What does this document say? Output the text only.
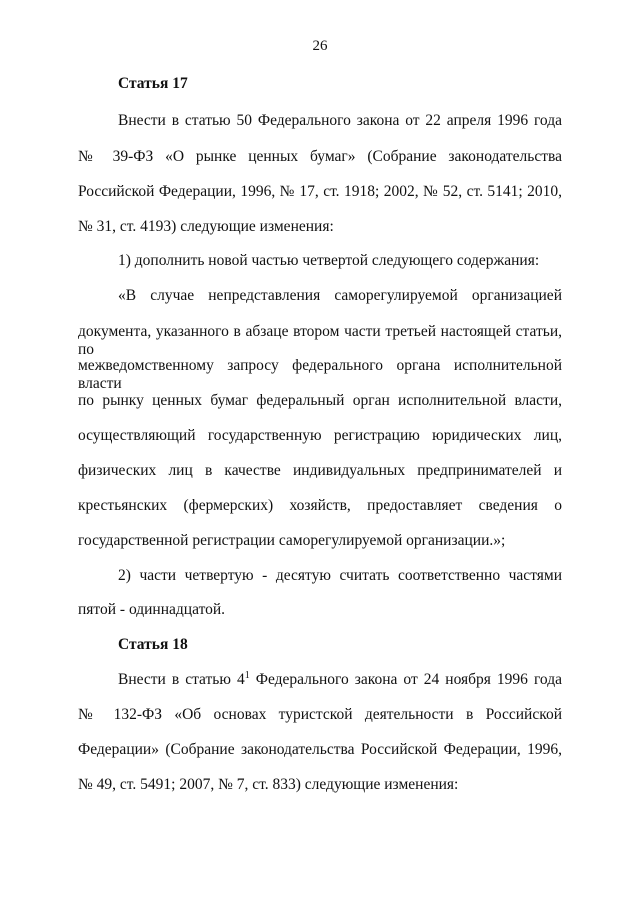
26
Статья 17
Внести в статью 50 Федерального закона от 22 апреля 1996 года
№ 39-ФЗ «О рынке ценных бумаг» (Собрание законодательства
Российской Федерации, 1996, № 17, ст. 1918; 2002, № 52, ст. 5141; 2010,
№ 31, ст. 4193) следующие изменения:
1) дополнить новой частью четвертой следующего содержания:
«В случае непредставления саморегулируемой организацией
документа, указанного в абзаце втором части третьей настоящей статьи, по
межведомственному запросу федерального органа исполнительной власти
по рынку ценных бумаг федеральный орган исполнительной власти,
осуществляющий государственную регистрацию юридических лиц,
физических лиц в качестве индивидуальных предпринимателей и
крестьянских (фермерских) хозяйств, предоставляет сведения о
государственной регистрации саморегулируемой организации.»;
2) части четвертую - десятую считать соответственно частями
пятой - одиннадцатой.
Статья 18
Внести в статью $4^1$ Федерального закона от 24 ноября 1996 года
№ 132-ФЗ «Об основах туристской деятельности в Российской
Федерации» (Собрание законодательства Российской Федерации, 1996,
№ 49, ст. 5491; 2007, № 7, ст. 833) следующие изменения:
